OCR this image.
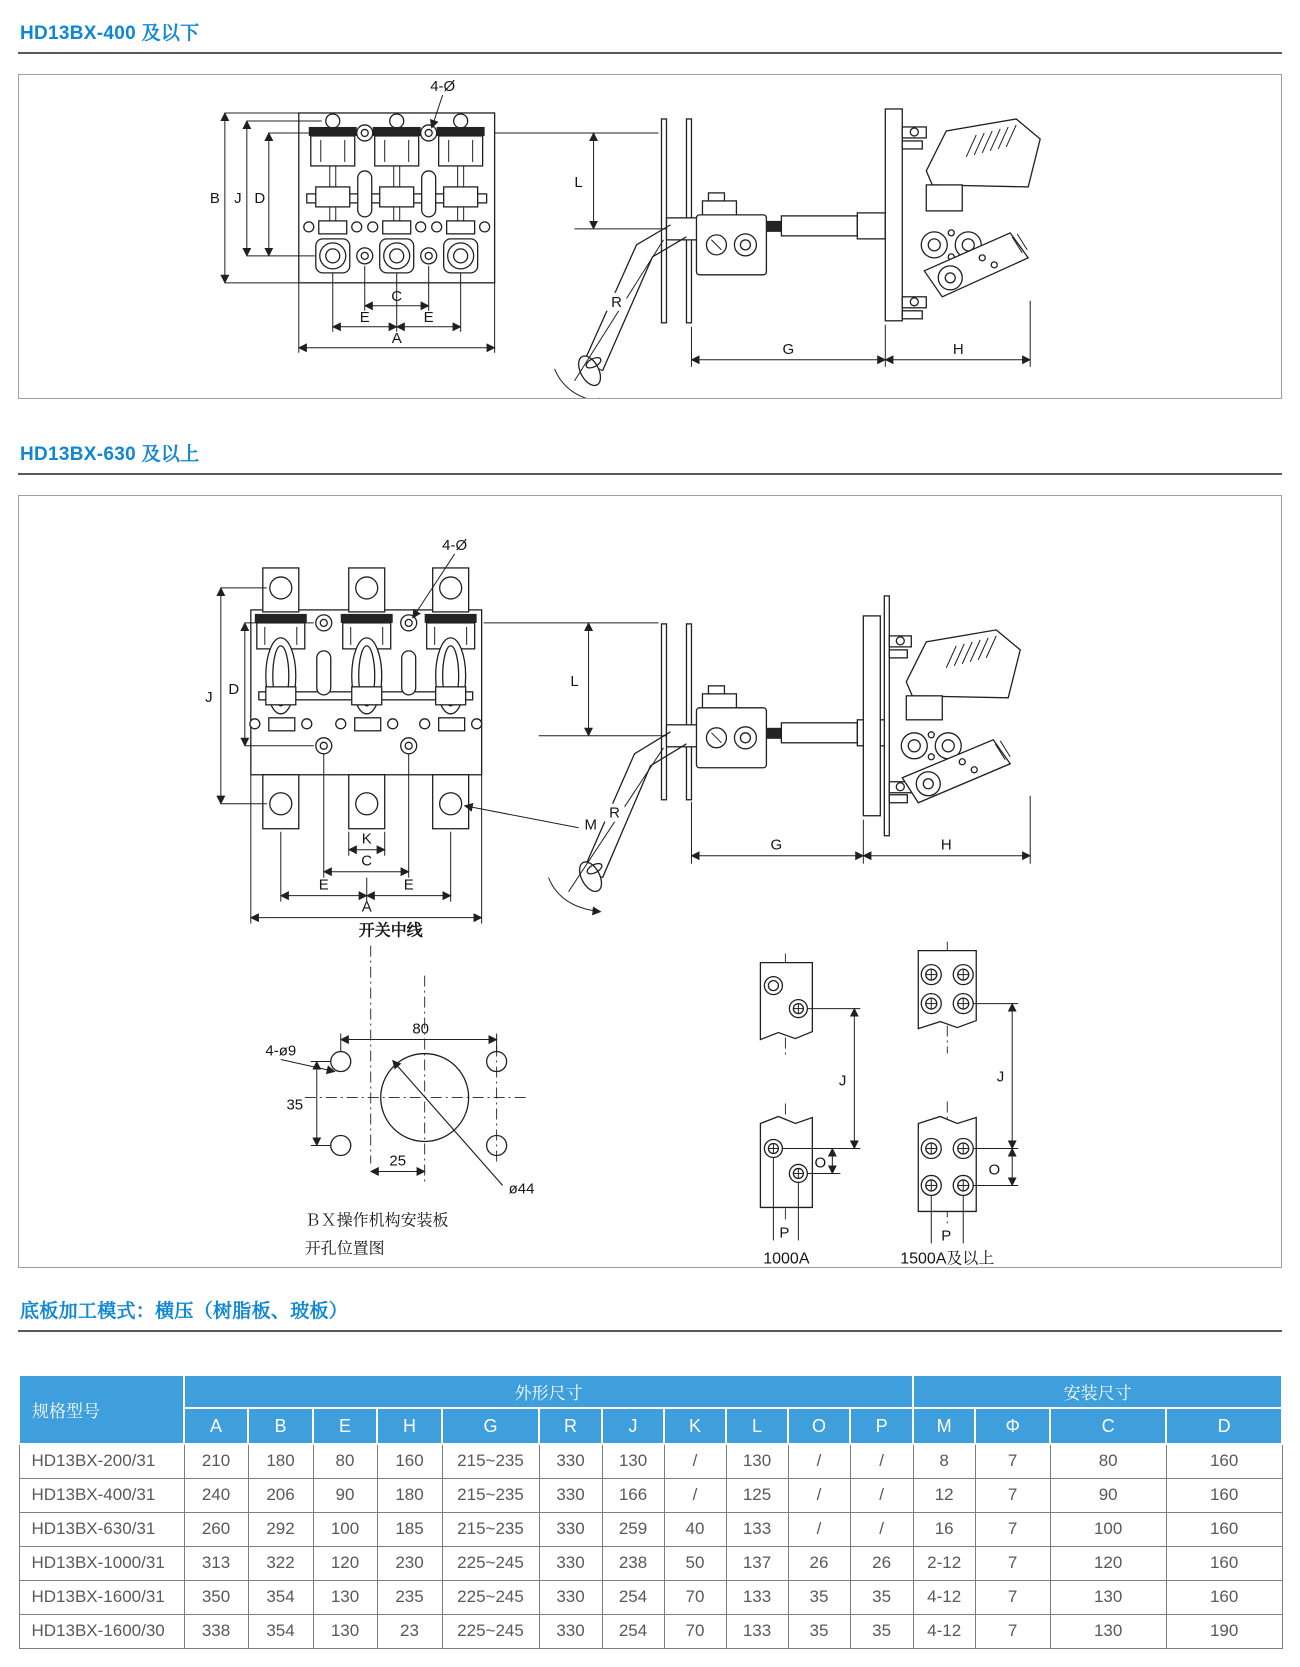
HD13BX-400 及以下
4-Ø
B J D
C
E	E
A
L
R
G	H
HD13BX-630 及以上
4-Ø
J D
M
K
C
E	E
A
L
R
G	H
开关中线
80
4-ø9
35
25
ø44
ＢＸ操作机构安装板
开孔位置图
J
O
P
1000A
J
O
P
1500A及以上
底板加工模式：横压（树脂板、玻板）
规格型号	外形尺寸											安装尺寸			
	A	B	E	H	G	R	J	K	L	O	P	M	Φ	C	D
HD13BX-200/31	210	180	80	160	215~235	330	130	/	130	/	/	8	7	80	160
HD13BX-400/31	240	206	90	180	215~235	330	166	/	125	/	/	12	7	90	160
HD13BX-630/31	260	292	100	185	215~235	330	259	40	133	/	/	16	7	100	160
HD13BX-1000/31	313	322	120	230	225~245	330	238	50	137	26	26	2-12	7	120	160
HD13BX-1600/31	350	354	130	235	225~245	330	254	70	133	35	35	4-12	7	130	160
HD13BX-1600/30	338	354	130	23	225~245	330	254	70	133	35	35	4-12	7	130	190
